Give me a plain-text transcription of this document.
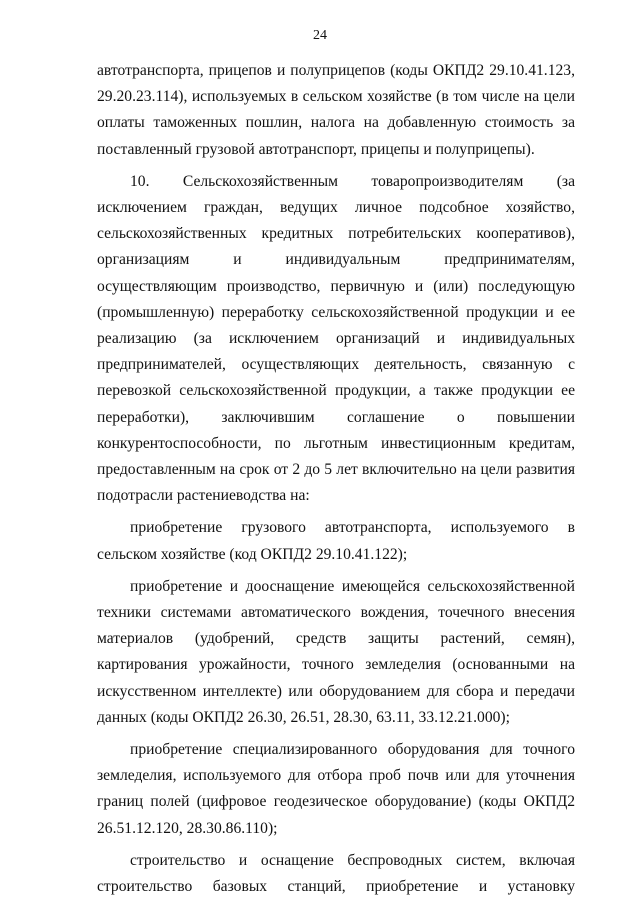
24

автотранспорта, прицепов и полуприцепов (коды ОКПД2 29.10.41.123, 29.20.23.114), используемых в сельском хозяйстве (в том числе на цели оплаты таможенных пошлин, налога на добавленную стоимость за поставленный грузовой автотранспорт, прицепы и полуприцепы).

10. Сельскохозяйственным товаропроизводителям (за исключением граждан, ведущих личное подсобное хозяйство, сельскохозяйственных кредитных потребительских кооперативов), организациям и индивидуальным предпринимателям, осуществляющим производство, первичную и (или) последующую (промышленную) переработку сельскохозяйственной продукции и ее реализацию (за исключением организаций и индивидуальных предпринимателей, осуществляющих деятельность, связанную с перевозкой сельскохозяйственной продукции, а также продукции ее переработки), заключившим соглашение о повышении конкурентоспособности, по льготным инвестиционным кредитам, предоставленным на срок от 2 до 5 лет включительно на цели развития подотрасли растениеводства на:

приобретение грузового автотранспорта, используемого в сельском хозяйстве (код ОКПД2 29.10.41.122);

приобретение и дооснащение имеющейся сельскохозяйственной техники системами автоматического вождения, точечного внесения материалов (удобрений, средств защиты растений, семян), картирования урожайности, точного земледелия (основанными на искусственном интеллекте) или оборудованием для сбора и передачи данных (коды ОКПД2 26.30, 26.51, 28.30, 63.11, 33.12.21.000);

приобретение специализированного оборудования для точного земледелия, используемого для отбора проб почв или для уточнения границ полей (цифровое геодезическое оборудование) (коды ОКПД2 26.51.12.120, 28.30.86.110);

строительство и оснащение беспроводных систем, включая строительство базовых станций, приобретение и установку
